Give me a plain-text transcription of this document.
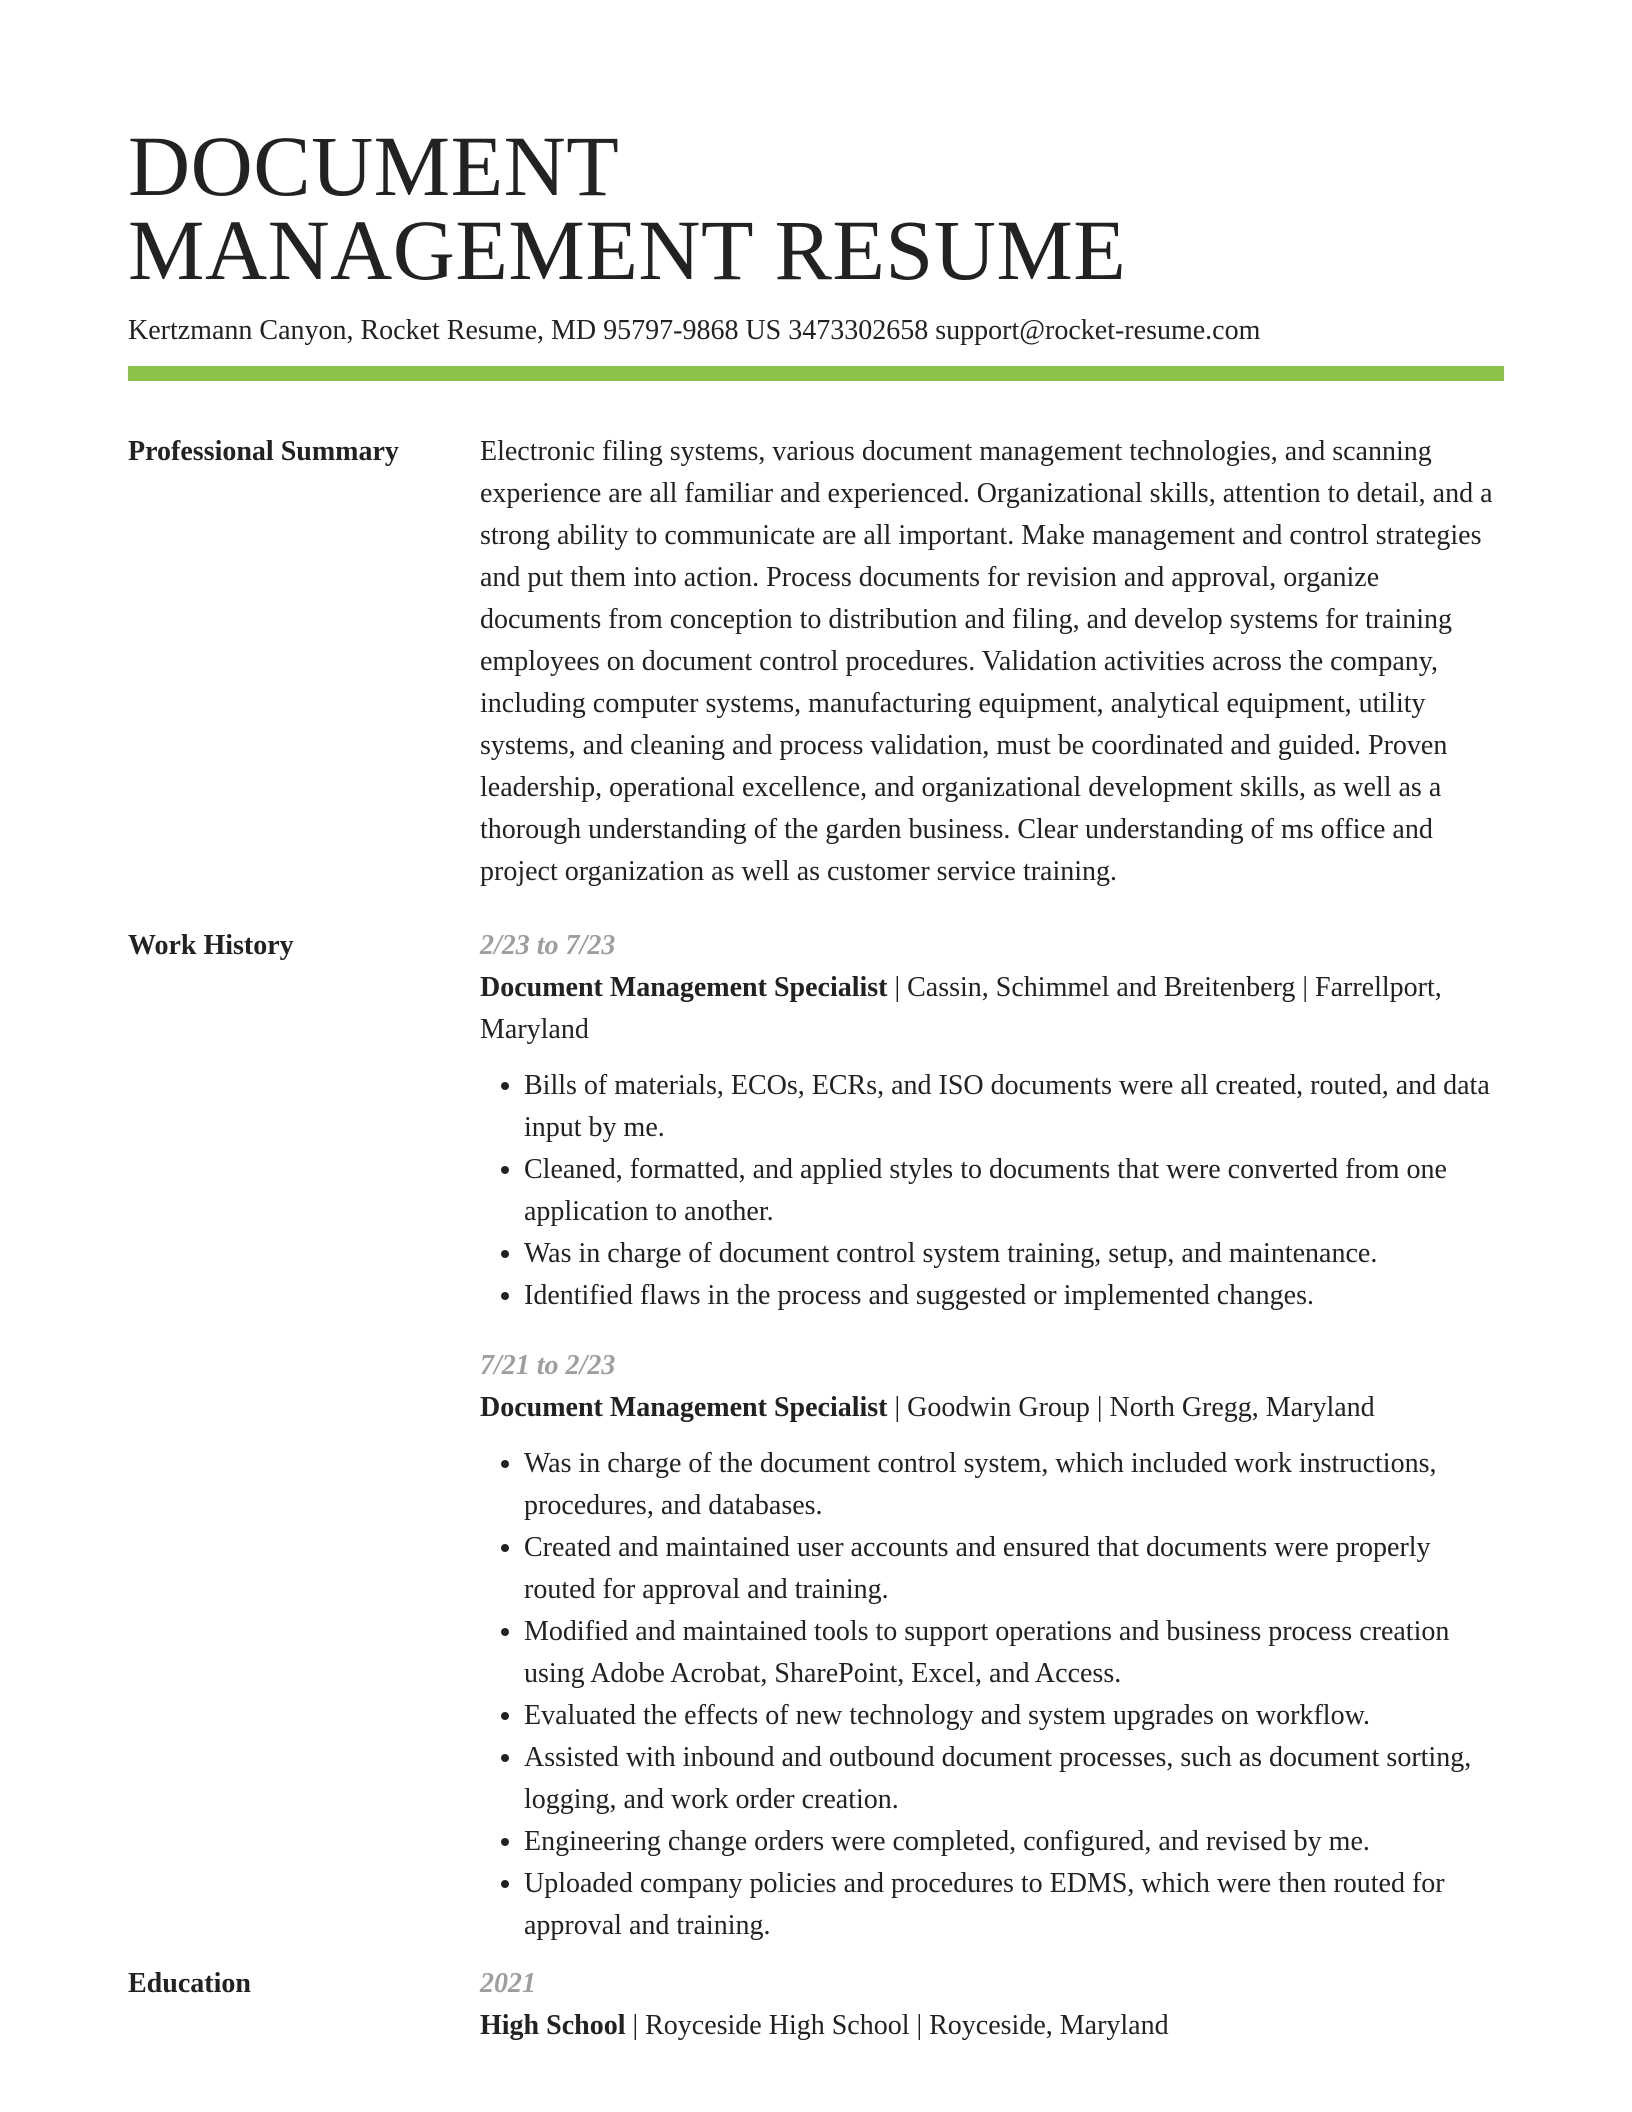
DOCUMENT
MANAGEMENT RESUME
Kertzmann Canyon, Rocket Resume, MD 95797-9868 US 3473302658 support@rocket-resume.com
Professional Summary	Electronic filing systems, various document management technologies, and scanning experience are all familiar and experienced. Organizational skills, attention to detail, and a strong ability to communicate are all important. Make management and control strategies and put them into action. Process documents for revision and approval, organize documents from conception to distribution and filing, and develop systems for training employees on document control procedures. Validation activities across the company, including computer systems, manufacturing equipment, analytical equipment, utility systems, and cleaning and process validation, must be coordinated and guided. Proven leadership, operational excellence, and organizational development skills, as well as a thorough understanding of the garden business. Clear understanding of ms office and project organization as well as customer service training.
Work History	2/23 to 7/23
Document Management Specialist | Cassin, Schimmel and Breitenberg | Farrellport, Maryland
• Bills of materials, ECOs, ECRs, and ISO documents were all created, routed, and data input by me.
• Cleaned, formatted, and applied styles to documents that were converted from one application to another.
• Was in charge of document control system training, setup, and maintenance.
• Identified flaws in the process and suggested or implemented changes.
7/21 to 2/23
Document Management Specialist | Goodwin Group | North Gregg, Maryland
• Was in charge of the document control system, which included work instructions, procedures, and databases.
• Created and maintained user accounts and ensured that documents were properly routed for approval and training.
• Modified and maintained tools to support operations and business process creation using Adobe Acrobat, SharePoint, Excel, and Access.
• Evaluated the effects of new technology and system upgrades on workflow.
• Assisted with inbound and outbound document processes, such as document sorting, logging, and work order creation.
• Engineering change orders were completed, configured, and revised by me.
• Uploaded company policies and procedures to EDMS, which were then routed for approval and training.
Education	2021
High School | Royceside High School | Royceside, Maryland
